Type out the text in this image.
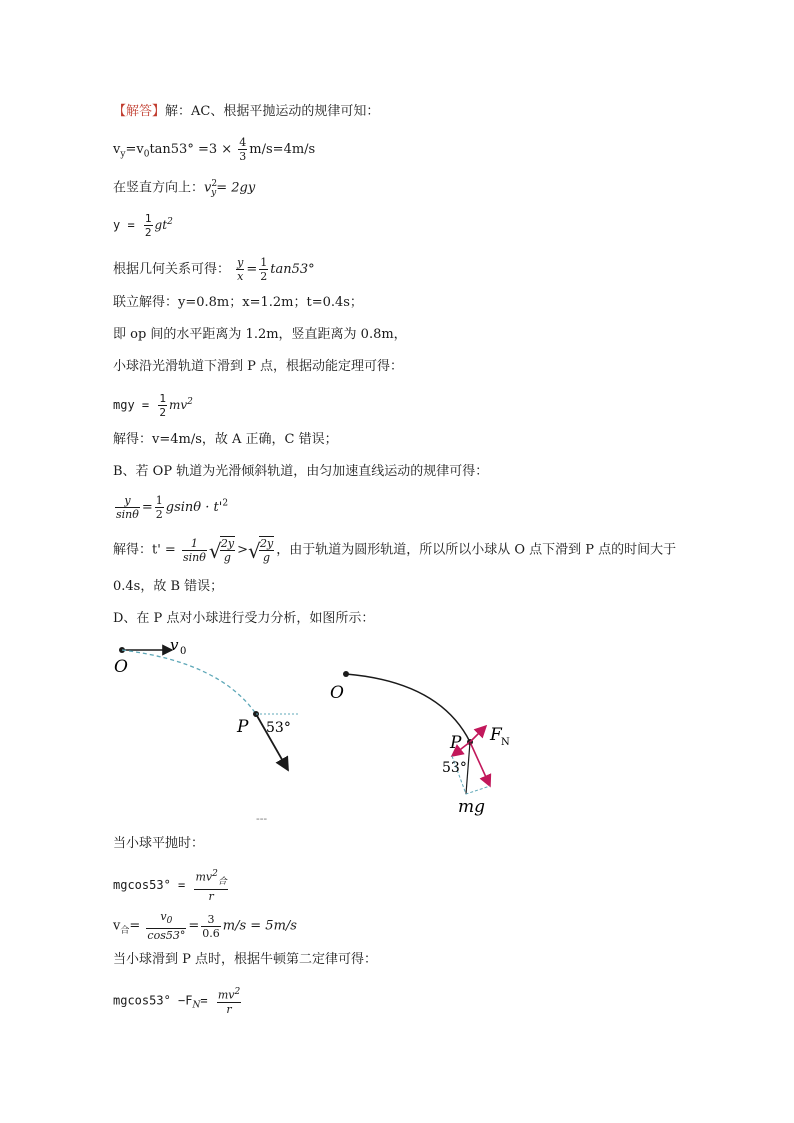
【解答】解：AC、根据平抛运动的规律可知：
$v_y=v_0\tan 53^\circ =3 \times \frac{4}{3} m/s=4m/s$
在竖直方向上：$v^2_y= 2gy$
$y = \frac{1}{2} gt^2$
根据几何关系可得： $\frac{y}{x} = \frac{1}{2} \tan 53^\circ$
联立解得：y=0.8m；x=1.2m；t=0.4s；
即 op 间的水平距离为 1.2m，竖直距离为 0.8m，
小球沿光滑轨道下滑到 P 点，根据动能定理可得：
mgy = $\frac{1}{2} mv^2$
解得：v=4m/s，故 A 正确，C 错误；
B、若 OP 轨道为光滑倾斜轨道，由匀加速直线运动的规律可得：
$\frac{y}{\sin\theta} = \frac{1}{2}$ $gsin\theta \cdot t'^2$
解得：$t' = \frac{1}{\sin\theta}$ √ $\frac{2y}{g}$ > √ $\frac{2y}{g}$ ，由于轨道为圆形轨道，所以所以小球从 O 点下滑到 P 点的时间大于
0.4s，故 B 错误；
D、在 P 点对小球进行受力分析，如图所示：
O
v 0
P 53°
O
P F N
53°
mg
---
当小球平抛时：
$mgcos53^\circ = \frac{mv^2_合}{r}$
$v_合= \frac{v_0}{\cos 53^\circ} = \frac{3}{0.6} m/s = 5m/s$
当小球滑到 P 点时，根据牛顿第二定律可得：
$mgcos53^\circ -F_N= \frac{mv^2}{r}$
